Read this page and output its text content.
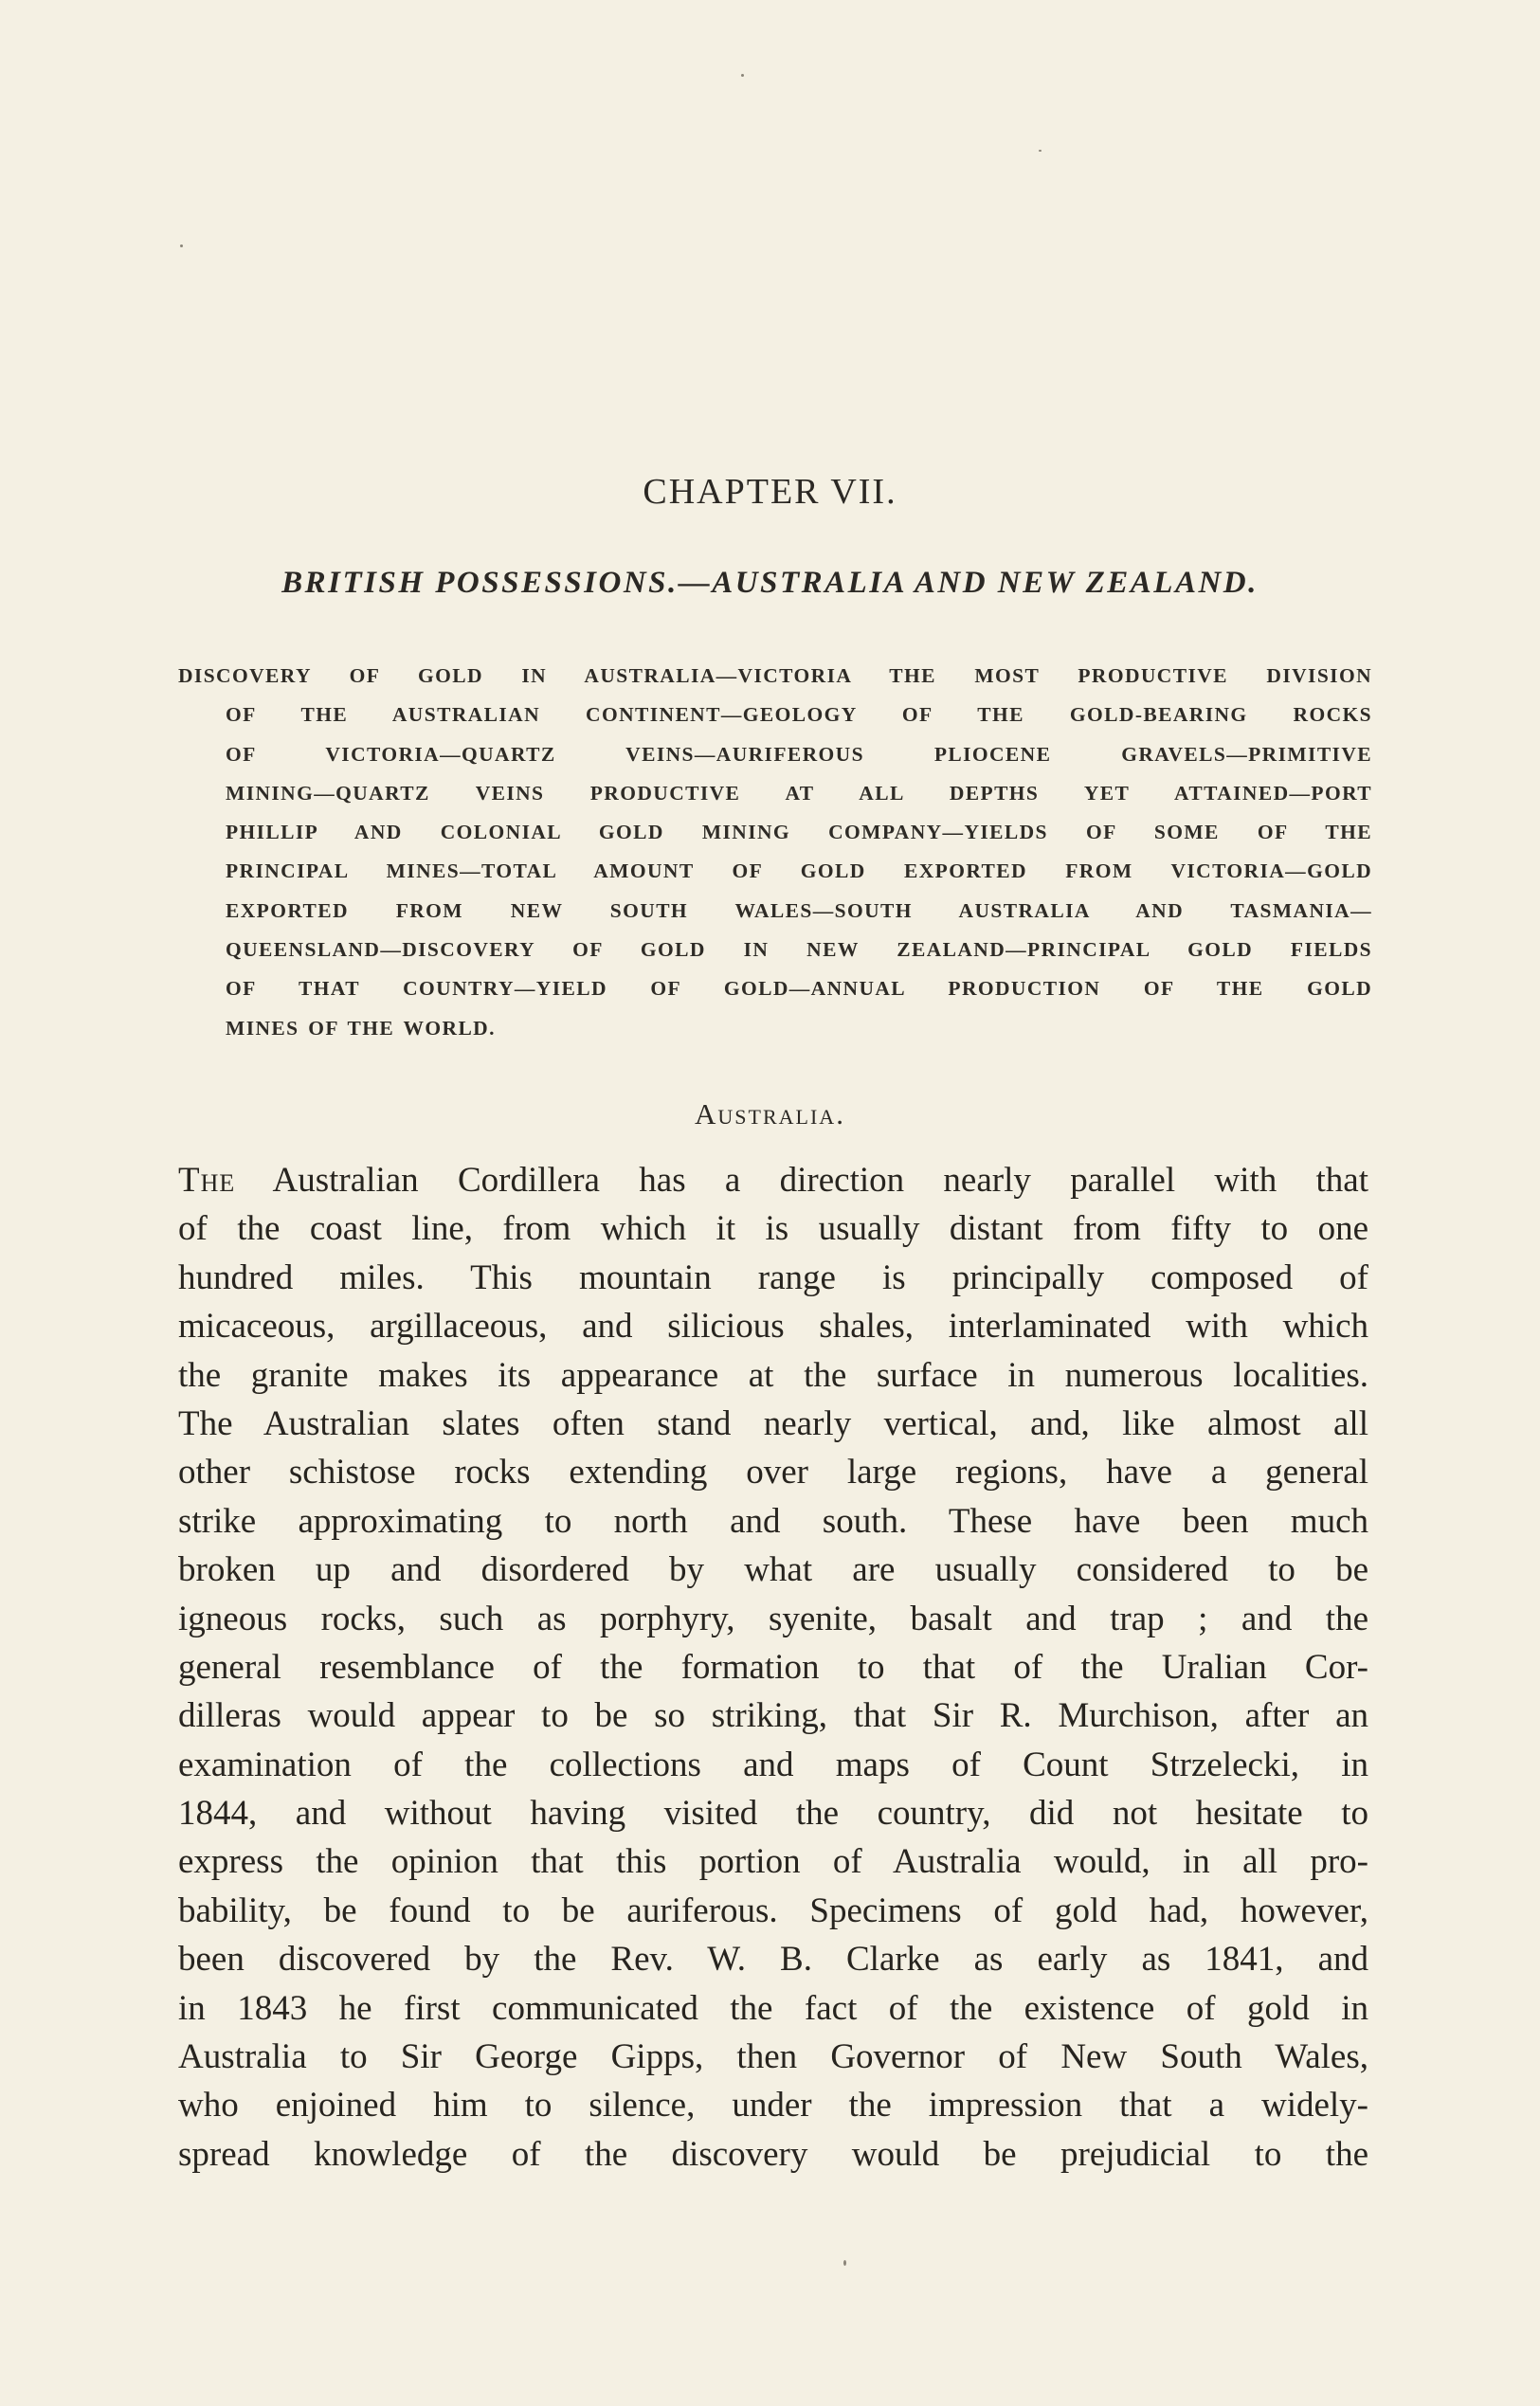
CHAPTER VII.
BRITISH POSSESSIONS.—AUSTRALIA AND NEW ZEALAND.
DISCOVERY OF GOLD IN AUSTRALIA—VICTORIA THE MOST PRODUCTIVE DIVISION
OF THE AUSTRALIAN CONTINENT—GEOLOGY OF THE GOLD-BEARING ROCKS
OF VICTORIA—QUARTZ VEINS—AURIFEROUS PLIOCENE GRAVELS—PRIMITIVE
MINING—QUARTZ VEINS PRODUCTIVE AT ALL DEPTHS YET ATTAINED—PORT
PHILLIP AND COLONIAL GOLD MINING COMPANY—YIELDS OF SOME OF THE
PRINCIPAL MINES—TOTAL AMOUNT OF GOLD EXPORTED FROM VICTORIA—GOLD
EXPORTED FROM NEW SOUTH WALES—SOUTH AUSTRALIA AND TASMANIA—
QUEENSLAND—DISCOVERY OF GOLD IN NEW ZEALAND—PRINCIPAL GOLD FIELDS
OF THAT COUNTRY—YIELD OF GOLD—ANNUAL PRODUCTION OF THE GOLD
MINES OF THE WORLD.
Australia.
The Australian Cordillera has a direction nearly parallel with that
of the coast line, from which it is usually distant from fifty to one
hundred miles. This mountain range is principally composed of
micaceous, argillaceous, and silicious shales, interlaminated with which
the granite makes its appearance at the surface in numerous localities.
The Australian slates often stand nearly vertical, and, like almost all
other schistose rocks extending over large regions, have a general
strike approximating to north and south. These have been much
broken up and disordered by what are usually considered to be
igneous rocks, such as porphyry, syenite, basalt and trap ; and the
general resemblance of the formation to that of the Uralian Cor-
dilleras would appear to be so striking, that Sir R. Murchison, after an
examination of the collections and maps of Count Strzelecki, in
1844, and without having visited the country, did not hesitate to
express the opinion that this portion of Australia would, in all pro-
bability, be found to be auriferous. Specimens of gold had, however,
been discovered by the Rev. W. B. Clarke as early as 1841, and
in 1843 he first communicated the fact of the existence of gold in
Australia to Sir George Gipps, then Governor of New South Wales,
who enjoined him to silence, under the impression that a widely-
spread knowledge of the discovery would be prejudicial to the
